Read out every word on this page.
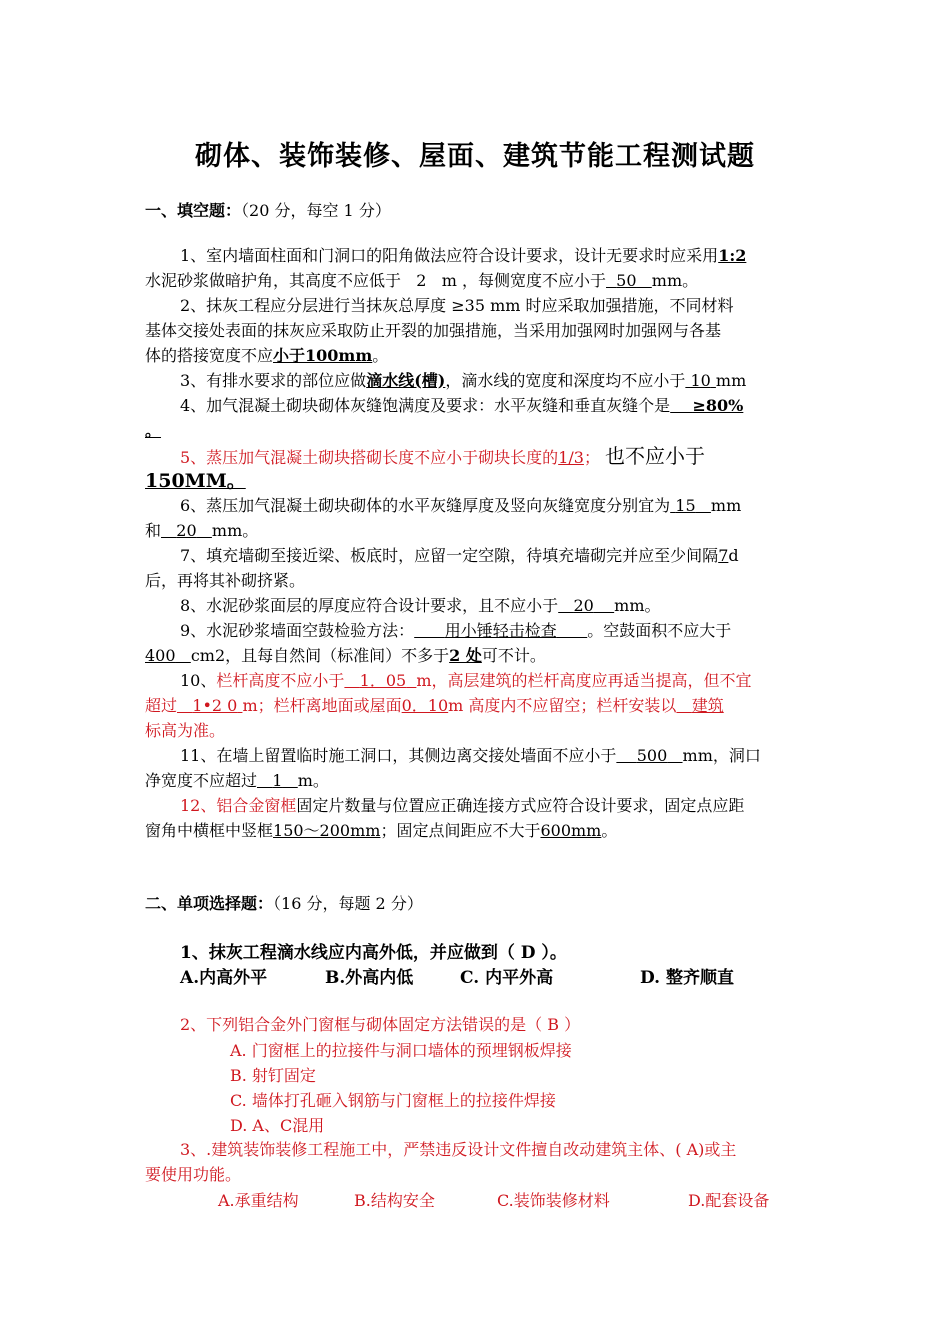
砌体、装饰装修、屋面、建筑节能工程测试题
一、填空题：（20 分，每空 1 分）
1、室内墙面柱面和门洞口的阳角做法应符合设计要求，设计无要求时应采用1:2
水泥砂浆做暗护角，其高度不应低于 2 m ，每侧宽度不应小于 50 mm。
2、抹灰工程应分层进行当抹灰总厚度 ≥35 mm 时应采取加强措施，不同材料
基体交接处表面的抹灰应采取防止开裂的加强措施，当采用加强网时加强网与各基
体的搭接宽度不应小于100mm。
3、有排水要求的部位应做滴水线(槽)，滴水线的宽度和深度均不应小于 10 mm
4、加气混凝土砌块砌体灰缝饱满度及要求：水平灰缝和垂直灰缝个是 ≥80%
。
5、蒸压加气混凝土砌块搭砌长度不应小于砌块长度的1/3； 也不应小于
150MM。
6、蒸压加气混凝土砌块砌体的水平灰缝厚度及竖向灰缝宽度分别宜为 15 mm
和 20 mm。
7、填充墙砌至接近梁、板底时，应留一定空隙，待填充墙砌完并应至少间隔7d
后，再将其补砌挤紧。
8、水泥砂浆面层的厚度应符合设计要求，且不应小于 20 mm。
9、水泥砂浆墙面空鼓检验方法： 用小锤轻击检查 。空鼓面积不应大于
400 cm2，且每自然间（标准间）不多于2 处可不计。
10、栏杆高度不应小于 1．05 m，高层建筑的栏杆高度应再适当提高，但不宜
超过 1•2 0 m；栏杆离地面或屋面0．10m 高度内不应留空；栏杆安装以 建筑
标高为准。
11、在墙上留置临时施工洞口，其侧边离交接处墙面不应小于 500 mm，洞口
净宽度不应超过 1 m。
12、铝合金窗框固定片数量与位置应正确连接方式应符合设计要求，固定点应距
窗角中横框中竖框150～200mm；固定点间距应不大于600mm。
二、单项选择题：（16 分，每题 2 分）
1、抹灰工程滴水线应内高外低，并应做到（ D ）。
A.内高外平	B.外高内低	C. 内平外高	D. 整齐顺直
2、下列铝合金外门窗框与砌体固定方法错误的是（ B ）
A. 门窗框上的拉接件与洞口墙体的预埋钢板焊接
B. 射钉固定
C. 墙体打孔砸入钢筋与门窗框上的拉接件焊接
D. A、C混用
3、.建筑装饰装修工程施工中，严禁违反设计文件擅自改动建筑主体、( A)或主
要使用功能。
A.承重结构	B.结构安全	C.装饰装修材料	D.配套设备
